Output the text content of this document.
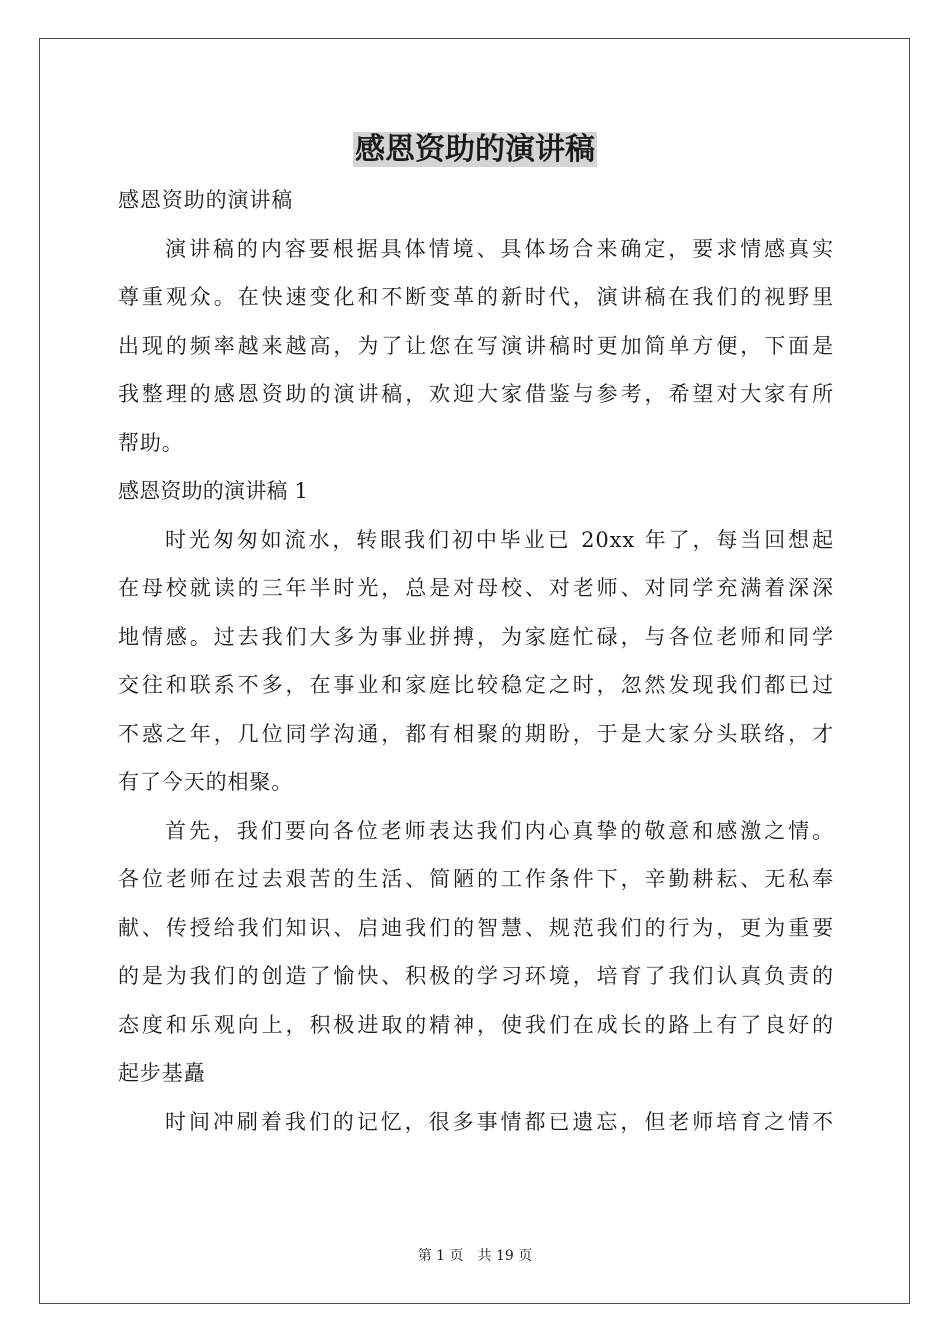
感恩资助的演讲稿
感恩资助的演讲稿
演讲稿的内容要根据具体情境、具体场合来确定，要求情感真实
尊重观众。在快速变化和不断变革的新时代，演讲稿在我们的视野里
出现的频率越来越高，为了让您在写演讲稿时更加简单方便，下面是
我整理的感恩资助的演讲稿，欢迎大家借鉴与参考，希望对大家有所
帮助。
感恩资助的演讲稿 1
时光匆匆如流水，转眼我们初中毕业已 20xx 年了，每当回想起
在母校就读的三年半时光，总是对母校、对老师、对同学充满着深深
地情感。过去我们大多为事业拼搏，为家庭忙碌，与各位老师和同学
交往和联系不多，在事业和家庭比较稳定之时，忽然发现我们都已过
不惑之年，几位同学沟通，都有相聚的期盼，于是大家分头联络，才
有了今天的相聚。
首先，我们要向各位老师表达我们内心真挚的敬意和感激之情。
各位老师在过去艰苦的生活、简陋的工作条件下，辛勤耕耘、无私奉
献、传授给我们知识、启迪我们的智慧、规范我们的行为，更为重要
的是为我们的创造了愉快、积极的学习环境，培育了我们认真负责的
态度和乐观向上，积极进取的精神，使我们在成长的路上有了良好的
起步基矗
时间冲刷着我们的记忆，很多事情都已遗忘，但老师培育之情不
第 1 页 共 19 页
